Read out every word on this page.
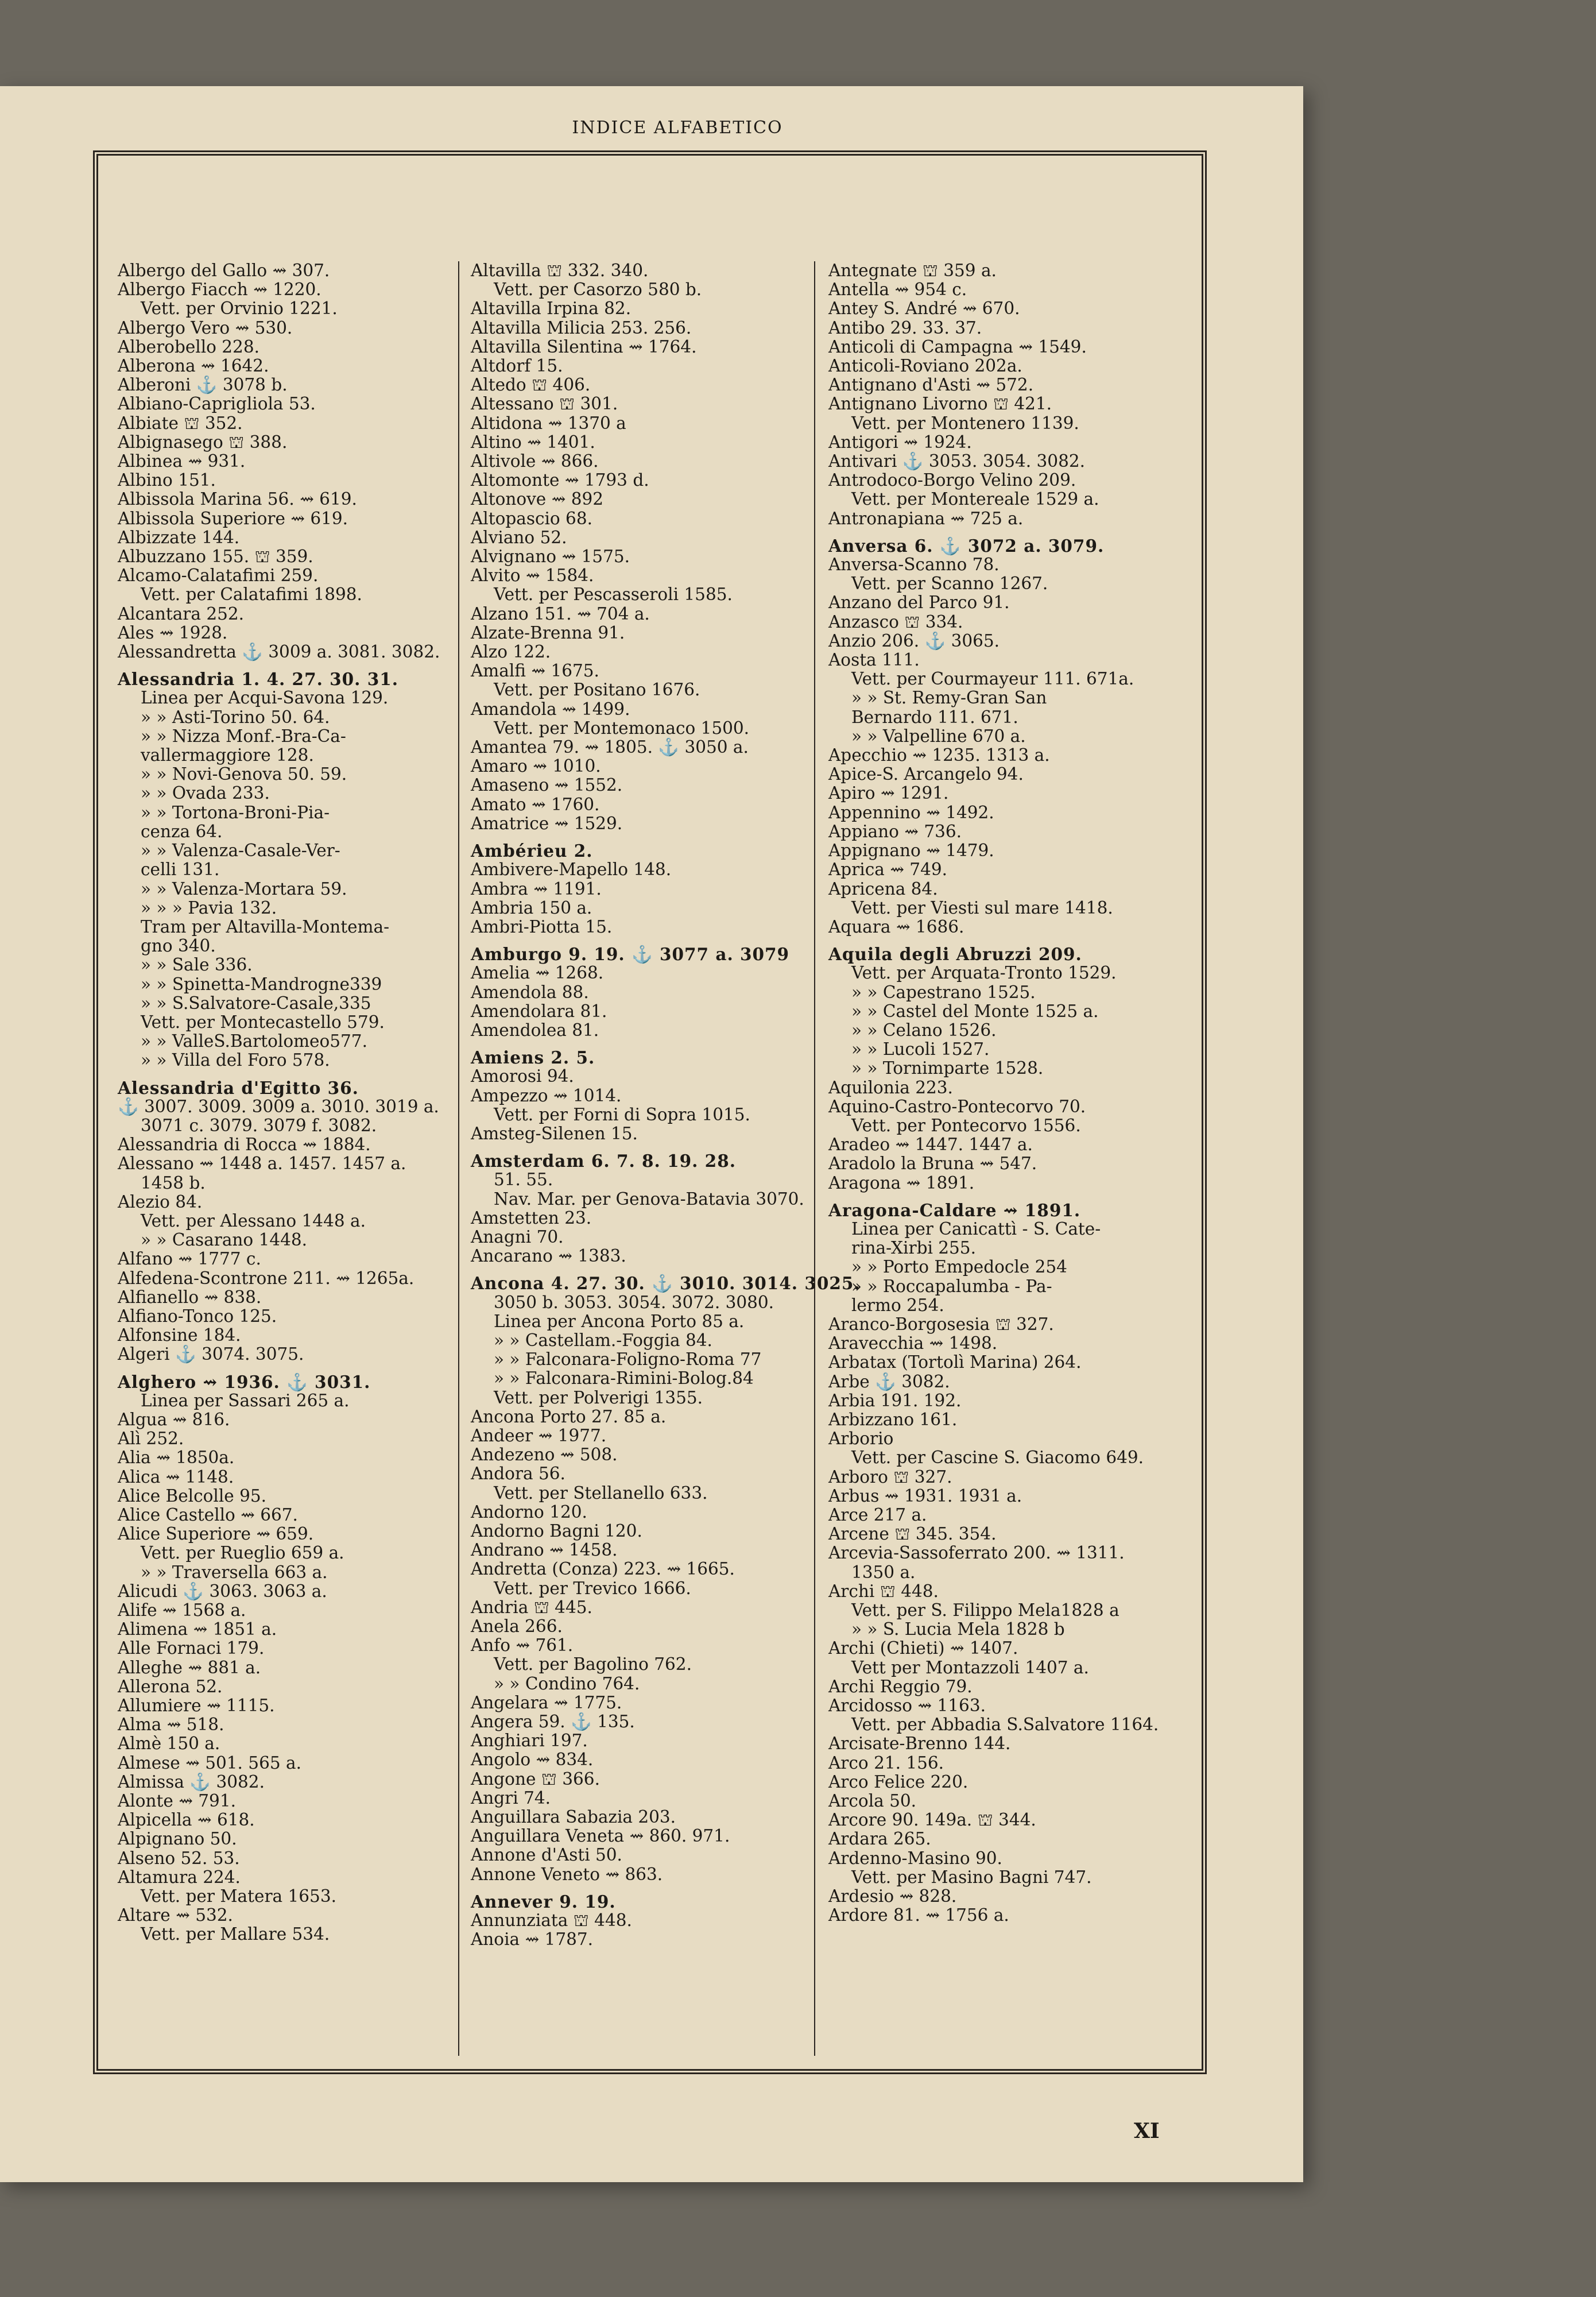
INDICE ALFABETICO
Albergo del Gallo ⇝ 307.
Albergo Fiacch ⇝ 1220.
Vett. per Orvinio 1221.
Albergo Vero ⇝ 530.
Alberobello 228.
Alberona ⇝ 1642.
Alberoni ⚓ 3078 b.
Albiano-Caprigliola 53.
Albiate ⛫ 352.
Albignasego ⛫ 388.
Albinea ⇝ 931.
Albino 151.
Albissola Marina 56. ⇝ 619.
Albissola Superiore ⇝ 619.
Albizzate 144.
Albuzzano 155. ⛫ 359.
Alcamo-Calatafimi 259.
Vett. per Calatafimi 1898.
Alcantara 252.
Ales ⇝ 1928.
Alessandretta ⚓ 3009 a. 3081. 3082.
Alessandria 1. 4. 27. 30. 31.
Linea per Acqui-Savona 129.
» » Asti-Torino 50. 64.
» » Nizza Monf.-Bra-Ca-
vallermaggiore 128.
» » Novi-Genova 50. 59.
» » Ovada 233.
» » Tortona-Broni-Pia-
cenza 64.
» » Valenza-Casale-Ver-
celli 131.
» » Valenza-Mortara 59.
» » » Pavia 132.
Tram per Altavilla-Montema-
gno 340.
» » Sale 336.
» » Spinetta-Mandrogne339
» » S.Salvatore-Casale,335
Vett. per Montecastello 579.
» » ValleS.Bartolomeo577.
» » Villa del Foro 578.
Alessandria d'Egitto 36.
⚓ 3007. 3009. 3009 a. 3010. 3019 a.
3071 c. 3079. 3079 f. 3082.
Alessandria di Rocca ⇝ 1884.
Alessano ⇝ 1448 a. 1457. 1457 a.
1458 b.
Alezio 84.
Vett. per Alessano 1448 a.
» » Casarano 1448.
Alfano ⇝ 1777 c.
Alfedena-Scontrone 211. ⇝ 1265a.
Alfianello ⇝ 838.
Alfiano-Tonco 125.
Alfonsine 184.
Algeri ⚓ 3074. 3075.
Alghero ⇝ 1936. ⚓ 3031.
Linea per Sassari 265 a.
Algua ⇝ 816.
Alì 252.
Alia ⇝ 1850a.
Alica ⇝ 1148.
Alice Belcolle 95.
Alice Castello ⇝ 667.
Alice Superiore ⇝ 659.
Vett. per Rueglio 659 a.
» » Traversella 663 a.
Alicudi ⚓ 3063. 3063 a.
Alife ⇝ 1568 a.
Alimena ⇝ 1851 a.
Alle Fornaci 179.
Alleghe ⇝ 881 a.
Allerona 52.
Allumiere ⇝ 1115.
Alma ⇝ 518.
Almè 150 a.
Almese ⇝ 501. 565 a.
Almissa ⚓ 3082.
Alonte ⇝ 791.
Alpicella ⇝ 618.
Alpignano 50.
Alseno 52. 53.
Altamura 224.
Vett. per Matera 1653.
Altare ⇝ 532.
Vett. per Mallare 534.
Altavilla ⛫ 332. 340.
Vett. per Casorzo 580 b.
Altavilla Irpina 82.
Altavilla Milicia 253. 256.
Altavilla Silentina ⇝ 1764.
Altdorf 15.
Altedo ⛫ 406.
Altessano ⛫ 301.
Altidona ⇝ 1370 a
Altino ⇝ 1401.
Altivole ⇝ 866.
Altomonte ⇝ 1793 d.
Altonove ⇝ 892
Altopascio 68.
Alviano 52.
Alvignano ⇝ 1575.
Alvito ⇝ 1584.
Vett. per Pescasseroli 1585.
Alzano 151. ⇝ 704 a.
Alzate-Brenna 91.
Alzo 122.
Amalfi ⇝ 1675.
Vett. per Positano 1676.
Amandola ⇝ 1499.
Vett. per Montemonaco 1500.
Amantea 79. ⇝ 1805. ⚓ 3050 a.
Amaro ⇝ 1010.
Amaseno ⇝ 1552.
Amato ⇝ 1760.
Amatrice ⇝ 1529.
Ambérieu 2.
Ambivere-Mapello 148.
Ambra ⇝ 1191.
Ambria 150 a.
Ambri-Piotta 15.
Amburgo 9. 19. ⚓ 3077 a. 3079
Amelia ⇝ 1268.
Amendola 88.
Amendolara 81.
Amendolea 81.
Amiens 2. 5.
Amorosi 94.
Ampezzo ⇝ 1014.
Vett. per Forni di Sopra 1015.
Amsteg-Silenen 15.
Amsterdam 6. 7. 8. 19. 28.
51. 55.
Nav. Mar. per Genova-Batavia 3070.
Amstetten 23.
Anagni 70.
Ancarano ⇝ 1383.
Ancona 4. 27. 30. ⚓ 3010. 3014. 3025.
3050 b. 3053. 3054. 3072. 3080.
Linea per Ancona Porto 85 a.
» » Castellam.-Foggia 84.
» » Falconara-Foligno-Roma 77
» » Falconara-Rimini-Bolog.84
Vett. per Polverigi 1355.
Ancona Porto 27. 85 a.
Andeer ⇝ 1977.
Andezeno ⇝ 508.
Andora 56.
Vett. per Stellanello 633.
Andorno 120.
Andorno Bagni 120.
Andrano ⇝ 1458.
Andretta (Conza) 223. ⇝ 1665.
Vett. per Trevico 1666.
Andria ⛫ 445.
Anela 266.
Anfo ⇝ 761.
Vett. per Bagolino 762.
» » Condino 764.
Angelara ⇝ 1775.
Angera 59. ⚓ 135.
Anghiari 197.
Angolo ⇝ 834.
Angone ⛫ 366.
Angri 74.
Anguillara Sabazia 203.
Anguillara Veneta ⇝ 860. 971.
Annone d'Asti 50.
Annone Veneto ⇝ 863.
Annever 9. 19.
Annunziata ⛫ 448.
Anoia ⇝ 1787.
Antegnate ⛫ 359 a.
Antella ⇝ 954 c.
Antey S. André ⇝ 670.
Antibo 29. 33. 37.
Anticoli di Campagna ⇝ 1549.
Anticoli-Roviano 202a.
Antignano d'Asti ⇝ 572.
Antignano Livorno ⛫ 421.
Vett. per Montenero 1139.
Antigori ⇝ 1924.
Antivari ⚓ 3053. 3054. 3082.
Antrodoco-Borgo Velino 209.
Vett. per Montereale 1529 a.
Antronapiana ⇝ 725 a.
Anversa 6. ⚓ 3072 a. 3079.
Anversa-Scanno 78.
Vett. per Scanno 1267.
Anzano del Parco 91.
Anzasco ⛫ 334.
Anzio 206. ⚓ 3065.
Aosta 111.
Vett. per Courmayeur 111. 671a.
» » St. Remy-Gran San
Bernardo 111. 671.
» » Valpelline 670 a.
Apecchio ⇝ 1235. 1313 a.
Apice-S. Arcangelo 94.
Apiro ⇝ 1291.
Appennino ⇝ 1492.
Appiano ⇝ 736.
Appignano ⇝ 1479.
Aprica ⇝ 749.
Apricena 84.
Vett. per Viesti sul mare 1418.
Aquara ⇝ 1686.
Aquila degli Abruzzi 209.
Vett. per Arquata-Tronto 1529.
» » Capestrano 1525.
» » Castel del Monte 1525 a.
» » Celano 1526.
» » Lucoli 1527.
» » Tornimparte 1528.
Aquilonia 223.
Aquino-Castro-Pontecorvo 70.
Vett. per Pontecorvo 1556.
Aradeo ⇝ 1447. 1447 a.
Aradolo la Bruna ⇝ 547.
Aragona ⇝ 1891.
Aragona-Caldare ⇝ 1891.
Linea per Canicattì - S. Cate-
rina-Xirbi 255.
» » Porto Empedocle 254
» » Roccapalumba - Pa-
lermo 254.
Aranco-Borgosesia ⛫ 327.
Aravecchia ⇝ 1498.
Arbatax (Tortolì Marina) 264.
Arbe ⚓ 3082.
Arbia 191. 192.
Arbizzano 161.
Arborio
Vett. per Cascine S. Giacomo 649.
Arboro ⛫ 327.
Arbus ⇝ 1931. 1931 a.
Arce 217 a.
Arcene ⛫ 345. 354.
Arcevia-Sassoferrato 200. ⇝ 1311.
1350 a.
Archi ⛫ 448.
Vett. per S. Filippo Mela1828 a
» » S. Lucia Mela 1828 b
Archi (Chieti) ⇝ 1407.
Vett per Montazzoli 1407 a.
Archi Reggio 79.
Arcidosso ⇝ 1163.
Vett. per Abbadia S.Salvatore 1164.
Arcisate-Brenno 144.
Arco 21. 156.
Arco Felice 220.
Arcola 50.
Arcore 90. 149a. ⛫ 344.
Ardara 265.
Ardenno-Masino 90.
Vett. per Masino Bagni 747.
Ardesio ⇝ 828.
Ardore 81. ⇝ 1756 a.
XI
